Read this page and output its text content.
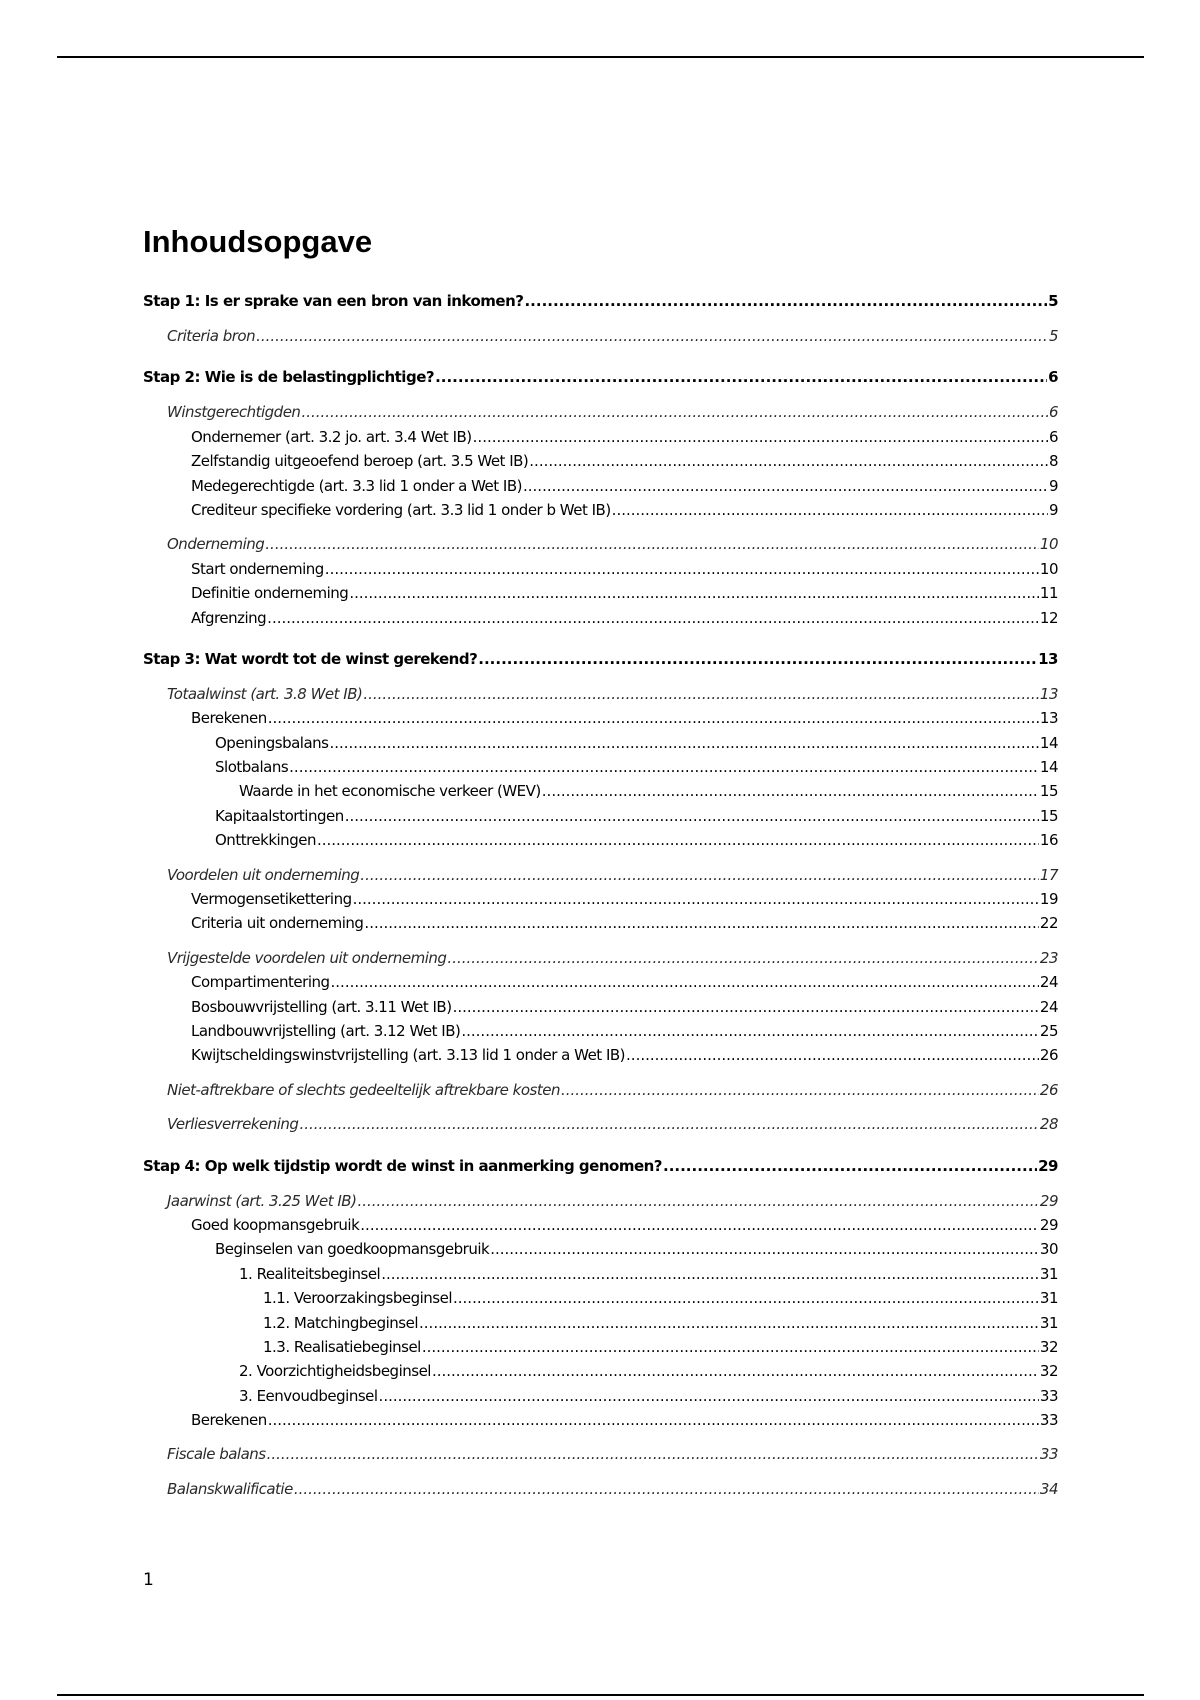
Inhoudsopgave
Stap 1: Is er sprake van een bron van inkomen? .....	5
Criteria bron .....	5
Stap 2: Wie is de belastingplichtige? .....	6
Winstgerechtigden .....	6
Ondernemer (art. 3.2 jo. art. 3.4 Wet IB) .....	6
Zelfstandig uitgeoefend beroep (art. 3.5 Wet IB) .....	8
Medegerechtigde (art. 3.3 lid 1 onder a Wet IB) .....	9
Crediteur specifieke vordering (art. 3.3 lid 1 onder b Wet IB) .....	9
Onderneming .....	10
Start onderneming .....	10
Definitie onderneming .....	11
Afgrenzing .....	12
Stap 3: Wat wordt tot de winst gerekend? .....	13
Totaalwinst (art. 3.8 Wet IB) .....	13
Berekenen .....	13
Openingsbalans .....	14
Slotbalans .....	14
Waarde in het economische verkeer (WEV) .....	15
Kapitaalstortingen .....	15
Onttrekkingen .....	16
Voordelen uit onderneming .....	17
Vermogensetikettering .....	19
Criteria uit onderneming .....	22
Vrijgestelde voordelen uit onderneming .....	23
Compartimentering .....	24
Bosbouwvrijstelling (art. 3.11 Wet IB) .....	24
Landbouwvrijstelling (art. 3.12 Wet IB) .....	25
Kwijtscheldingswinstvrijstelling (art. 3.13 lid 1 onder a Wet IB) .....	26
Niet-aftrekbare of slechts gedeeltelijk aftrekbare kosten .....	26
Verliesverrekening .....	28
Stap 4: Op welk tijdstip wordt de winst in aanmerking genomen? .....	29
Jaarwinst (art. 3.25 Wet IB) .....	29
Goed koopmansgebruik .....	29
Beginselen van goedkoopmansgebruik .....	30
1. Realiteitsbeginsel .....	31
1.1. Veroorzakingsbeginsel .....	31
1.2. Matchingbeginsel .....	31
1.3. Realisatiebeginsel .....	32
2. Voorzichtigheidsbeginsel .....	32
3. Eenvoudbeginsel .....	33
Berekenen .....	33
Fiscale balans .....	33
Balanskwalificatie .....	34
1
